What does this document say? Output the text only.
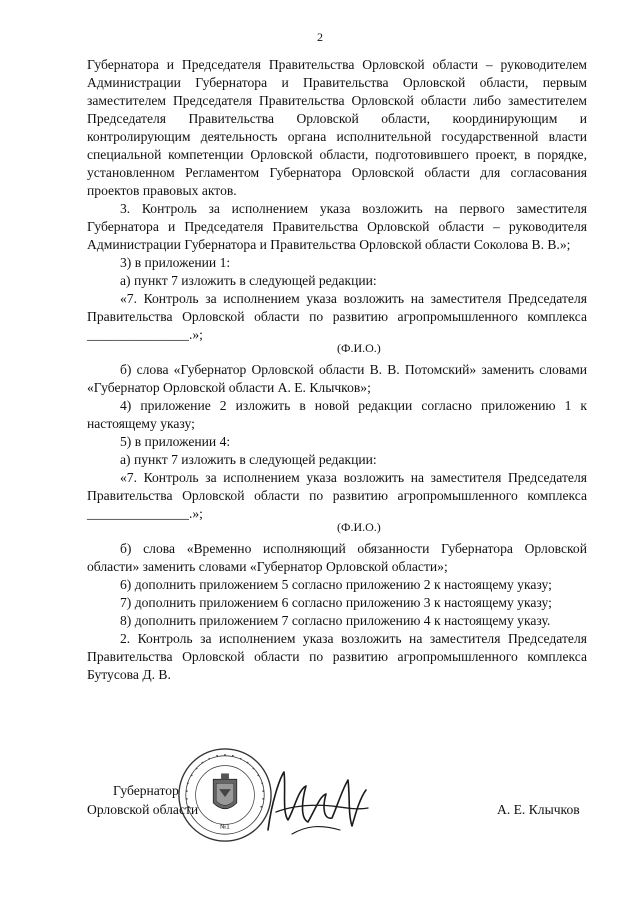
2

Губернатора и Председателя Правительства Орловской области – руководителем Администрации Губернатора и Правительства Орловской области, первым заместителем Председателя Правительства Орловской области либо заместителем Председателя Правительства Орловской области, координирующим и контролирующим деятельность органа исполнительной государственной власти специальной компетенции Орловской области, подготовившего проект, в порядке, установленном Регламентом Губернатора Орловской области для согласования проектов правовых актов.

3. Контроль за исполнением указа возложить на первого заместителя Губернатора и Председателя Правительства Орловской области – руководителя Администрации Губернатора и Правительства Орловской области Соколова В. В.»;

3) в приложении 1:

а) пункт 7 изложить в следующей редакции:

«7. Контроль за исполнением указа возложить на заместителя Председателя Правительства Орловской области по развитию агропромышленного комплекса _______________.»;

(Ф.И.О.)

б) слова «Губернатор Орловской области В. В. Потомский» заменить словами «Губернатор Орловской области А. Е. Клычков»;

4) приложение 2 изложить в новой редакции согласно приложению 1 к настоящему указу;

5) в приложении 4:

а) пункт 7 изложить в следующей редакции:

«7. Контроль за исполнением указа возложить на заместителя Председателя Правительства Орловской области по развитию агропромышленного комплекса _______________.»;

(Ф.И.О.)

б) слова «Временно исполняющий обязанности Губернатора Орловской области» заменить словами «Губернатор Орловской области»;

6) дополнить приложением 5 согласно приложению 2 к настоящему указу;

7) дополнить приложением 6 согласно приложению 3 к настоящему указу;

8) дополнить приложением 7 согласно приложению 4 к настоящему указу.

2. Контроль за исполнением указа возложить на заместителя Председателя Правительства Орловской области по развитию агропромышленного комплекса Бутусова Д. В.

№1
Губернатор
Орловской области	А. Е. Клычков
